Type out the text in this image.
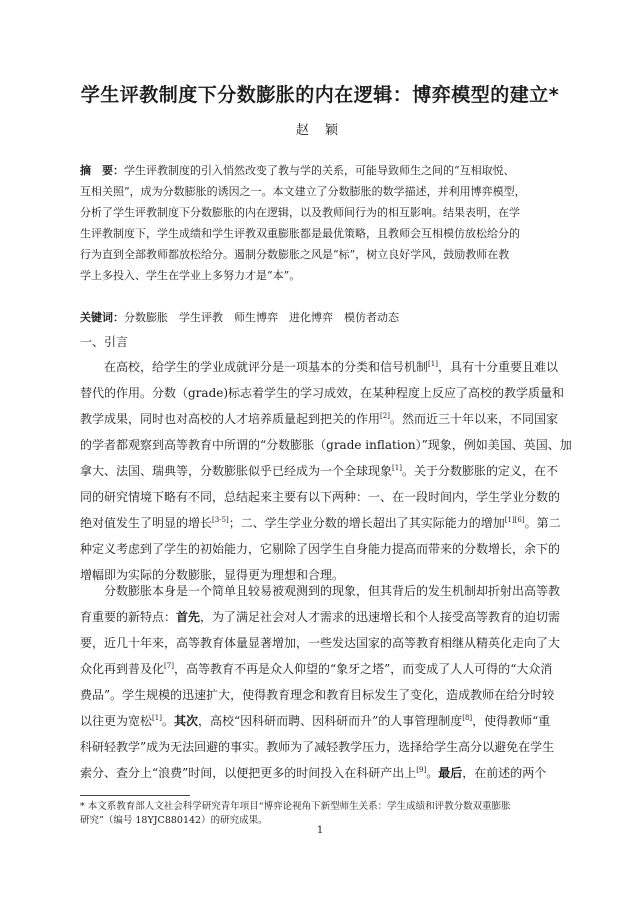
学生评教制度下分数膨胀的内在逻辑：博弈模型的建立*
赵 颖

摘　要：学生评教制度的引入悄然改变了教与学的关系，可能导致师生之间的“互相取悦、

互相关照”，成为分数膨胀的诱因之一。本文建立了分数膨胀的数学描述，并利用博弈模型，

分析了学生评教制度下分数膨胀的内在逻辑，以及教师间行为的相互影响。结果表明，在学

生评教制度下，学生成绩和学生评教双重膨胀都是最优策略，且教师会互相模仿放松给分的

行为直到全部教师都放松给分。遏制分数膨胀之风是“标”，树立良好学风，鼓励教师在教

学上多投入、学生在学业上多努力才是“本”。

关键词：分数膨胀　学生评教　师生博弈　进化博弈　模仿者动态
一、引言

  在高校，给学生的学业成就评分是一项基本的分类和信号机制[1]，具有十分重要且难以

替代的作用。分数（grade)标志着学生的学习成效，在某种程度上反应了高校的教学质量和

教学成果，同时也对高校的人才培养质量起到把关的作用[2]。然而近三十年以来，不同国家

的学者都观察到高等教育中所谓的“分数膨胀（grade inflation）”现象，例如美国、英国、加

拿大、法国、瑞典等，分数膨胀似乎已经成为一个全球现象[1]。关于分数膨胀的定义，在不

同的研究情境下略有不同，总结起来主要有以下两种：一、在一段时间内，学生学业分数的

绝对值发生了明显的增长[3-5]；二、学生学业分数的增长超出了其实际能力的增加[1][6]。第二

种定义考虑到了学生的初始能力，它剔除了因学生自身能力提高而带来的分数增长，余下的

增幅即为实际的分数膨胀，显得更为理想和合理。

  分数膨胀本身是一个简单且较易被观测到的现象，但其背后的发生机制却折射出高等教

育重要的新特点：首先，为了满足社会对人才需求的迅速增长和个人接受高等教育的迫切需

要，近几十年来，高等教育体量显著增加，一些发达国家的高等教育相继从精英化走向了大

众化再到普及化[7]，高等教育不再是众人仰望的“象牙之塔”，而变成了人人可得的“大众消

费品”。学生规模的迅速扩大，使得教育理念和教育目标发生了变化，造成教师在给分时较

以往更为宽松[1]。其次，高校“因科研而聘、因科研而升”的人事管理制度[8]，使得教师“重

科研轻教学”成为无法回避的事实。教师为了减轻教学压力，选择给学生高分以避免在学生

索分、查分上“浪费”时间，以便把更多的时间投入在科研产出上[9]。最后，在前述的两个

* 本文系教育部人文社会科学研究青年项目“博弈论视角下新型师生关系：学生成绩和评教分数双重膨胀

研究”（编号 18YJC880142）的研究成果。

1
